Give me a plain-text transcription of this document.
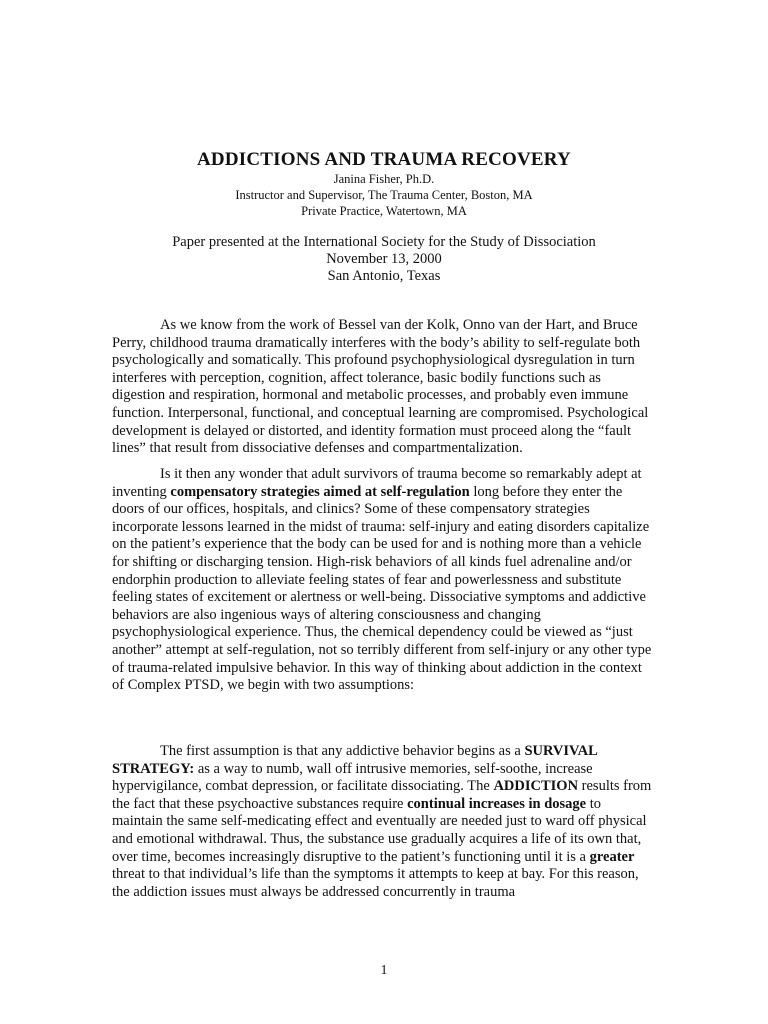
ADDICTIONS AND TRAUMA RECOVERY
Janina Fisher, Ph.D.
Instructor and Supervisor, The Trauma Center, Boston, MA
Private Practice, Watertown, MA
Paper presented at the International Society for the Study of Dissociation
November 13, 2000
San Antonio, Texas

As we know from the work of Bessel van der Kolk, Onno van der Hart, and Bruce Perry, childhood trauma dramatically interferes with the body’s ability to self-regulate both psychologically and somatically. This profound psychophysiological dysregulation in turn interferes with perception, cognition, affect tolerance, basic bodily functions such as digestion and respiration, hormonal and metabolic processes, and probably even immune function. Interpersonal, functional, and conceptual learning are compromised. Psychological development is delayed or distorted, and identity formation must proceed along the “fault lines” that result from dissociative defenses and compartmentalization.

Is it then any wonder that adult survivors of trauma become so remarkably adept at inventing compensatory strategies aimed at self-regulation long before they enter the doors of our offices, hospitals, and clinics? Some of these compensatory strategies incorporate lessons learned in the midst of trauma: self-injury and eating disorders capitalize on the patient’s experience that the body can be used for and is nothing more than a vehicle for shifting or discharging tension. High-risk behaviors of all kinds fuel adrenaline and/or endorphin production to alleviate feeling states of fear and powerlessness and substitute feeling states of excitement or alertness or well-being. Dissociative symptoms and addictive behaviors are also ingenious ways of altering consciousness and changing psychophysiological experience. Thus, the chemical dependency could be viewed as “just another” attempt at self-regulation, not so terribly different from self-injury or any other type of trauma-related impulsive behavior. In this way of thinking about addiction in the context of Complex PTSD, we begin with two assumptions:

The first assumption is that any addictive behavior begins as a SURVIVAL STRATEGY: as a way to numb, wall off intrusive memories, self-soothe, increase hypervigilance, combat depression, or facilitate dissociating. The ADDICTION results from the fact that these psychoactive substances require continual increases in dosage to maintain the same self-medicating effect and eventually are needed just to ward off physical and emotional withdrawal. Thus, the substance use gradually acquires a life of its own that, over time, becomes increasingly disruptive to the patient’s functioning until it is a greater threat to that individual’s life than the symptoms it attempts to keep at bay. For this reason, the addiction issues must always be addressed concurrently in trauma

1
